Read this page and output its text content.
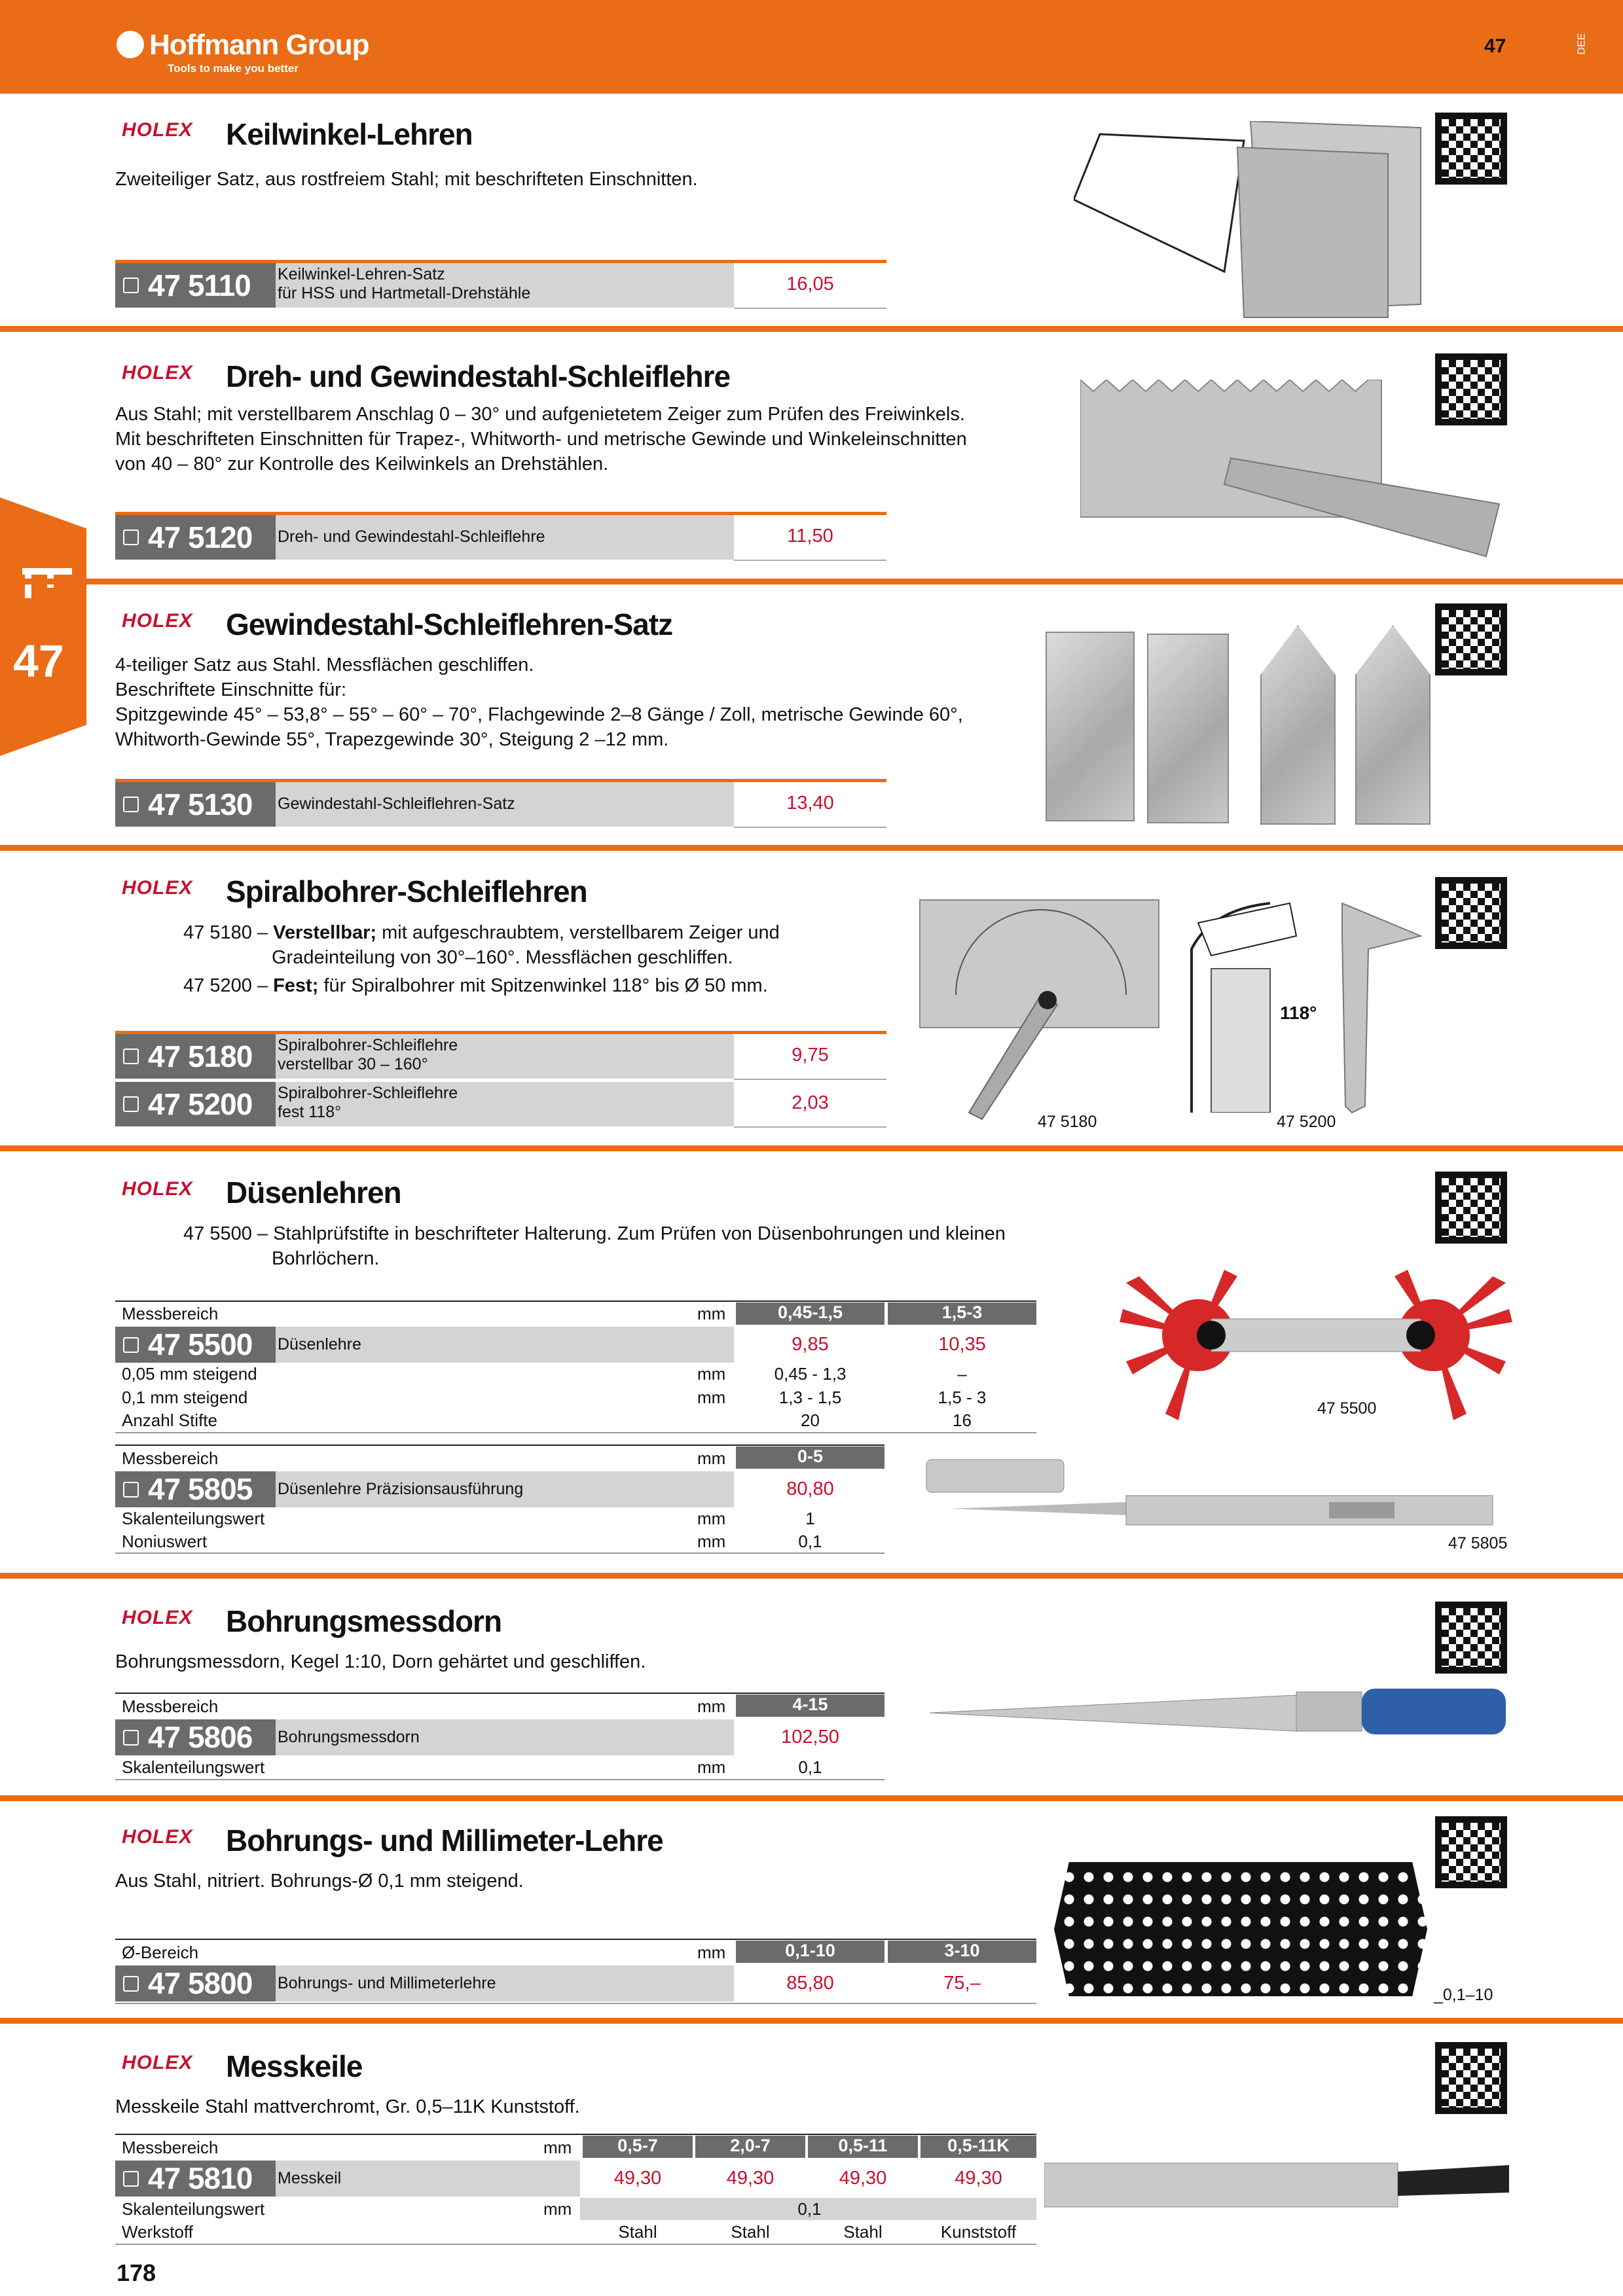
Hoffmann Group
Tools to make you better
47	DEE
47
HOLEX Keilwinkel-Lehren
Zweiteiliger Satz, aus rostfreiem Stahl; mit beschrifteten Einschnitten.
47 5110	Keilwinkel-Lehren-Satz
für HSS und Hartmetall-Drehstähle	16,05
HOLEX Dreh- und Gewindestahl-Schleiflehre
Aus Stahl; mit verstellbarem Anschlag 0 – 30° und aufgenietetem Zeiger zum Prüfen des Freiwinkels.
Mit beschrifteten Einschnitten für Trapez-, Whitworth- und metrische Gewinde und Winkeleinschnitten
von 40 – 80° zur Kontrolle des Keilwinkels an Drehstählen.
47 5120	Dreh- und Gewindestahl-Schleiflehre	11,50
HOLEX Gewindestahl-Schleiflehren-Satz
4-teiliger Satz aus Stahl. Messflächen geschliffen.
Beschriftete Einschnitte für:
Spitzgewinde 45° – 53,8° – 55° – 60° – 70°, Flachgewinde 2–8 Gänge / Zoll, metrische Gewinde 60°,
Whitworth-Gewinde 55°, Trapezgewinde 30°, Steigung 2 –12 mm.
47 5130	Gewindestahl-Schleiflehren-Satz	13,40
HOLEX Spiralbohrer-Schleiflehren
47 5180 – Verstellbar; mit aufgeschraubtem, verstellbarem Zeiger und
Gradeinteilung von 30°–160°. Messflächen geschliffen.
47 5200 – Fest; für Spiralbohrer mit Spitzenwinkel 118° bis Ø 50 mm.
47 5180	Spiralbohrer-Schleiflehre
verstellbar 30 – 160°	9,75
47 5200	Spiralbohrer-Schleiflehre
fest 118°	2,03
118°
47 5180	47 5200
HOLEX Düsenlehren
47 5500 – Stahlprüfstifte in beschrifteter Halterung. Zum Prüfen von Düsenbohrungen und kleinen
Bohrlöchern.
Messbereich	mm	0,45-1,5	1,5-3
47 5500	Düsenlehre	9,85	10,35
0,05 mm steigend	mm	0,45 - 1,3	–
0,1 mm steigend	mm	1,3 - 1,5	1,5 - 3
Anzahl Stifte	20	16
Messbereich	mm	0-5
47 5805	Düsenlehre Präzisionsausführung	80,80
Skalenteilungswert	mm	1
Noniuswert	mm	0,1
47 5500
47 5805
HOLEX Bohrungsmessdorn
Bohrungsmessdorn, Kegel 1:10, Dorn gehärtet und geschliffen.
Messbereich	mm	4-15
47 5806	Bohrungsmessdorn	102,50
Skalenteilungswert	mm	0,1
HOLEX Bohrungs- und Millimeter-Lehre
Aus Stahl, nitriert. Bohrungs-Ø 0,1 mm steigend.
Ø-Bereich	mm	0,1-10	3-10
47 5800	Bohrungs- und Millimeterlehre	85,80	75,–
_0,1–10
HOLEX Messkeile
Messkeile Stahl mattverchromt, Gr. 0,5–11K Kunststoff.
Messbereich	mm	0,5-7	2,0-7	0,5-11	0,5-11K
47 5810	Messkeil	49,30	49,30	49,30	49,30
Skalenteilungswert	mm	0,1
Werkstoff	Stahl	Stahl	Stahl	Kunststoff
178
